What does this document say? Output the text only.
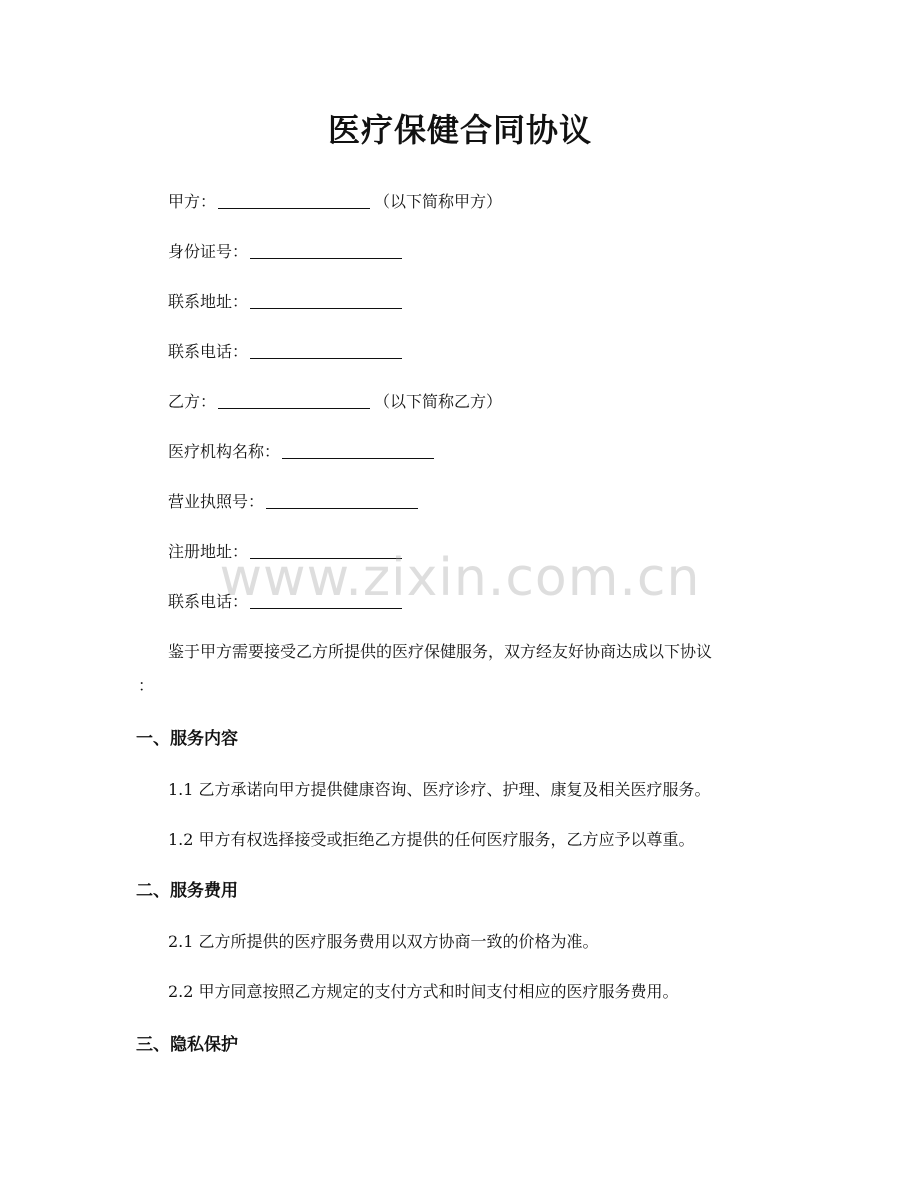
医疗保健合同协议
甲方：	（以下简称甲方）
身份证号：
联系地址：
联系电话：
乙方：	（以下简称乙方）
医疗机构名称：
营业执照号：
注册地址：
联系电话：
鉴于甲方需要接受乙方所提供的医疗保健服务，双方经友好协商达成以下协议
：
一、服务内容
1.1 乙方承诺向甲方提供健康咨询、医疗诊疗、护理、康复及相关医疗服务。
1.2 甲方有权选择接受或拒绝乙方提供的任何医疗服务，乙方应予以尊重。
二、服务费用
2.1 乙方所提供的医疗服务费用以双方协商一致的价格为准。
2.2 甲方同意按照乙方规定的支付方式和时间支付相应的医疗服务费用。
三、隐私保护
www.zixin.com.cn
